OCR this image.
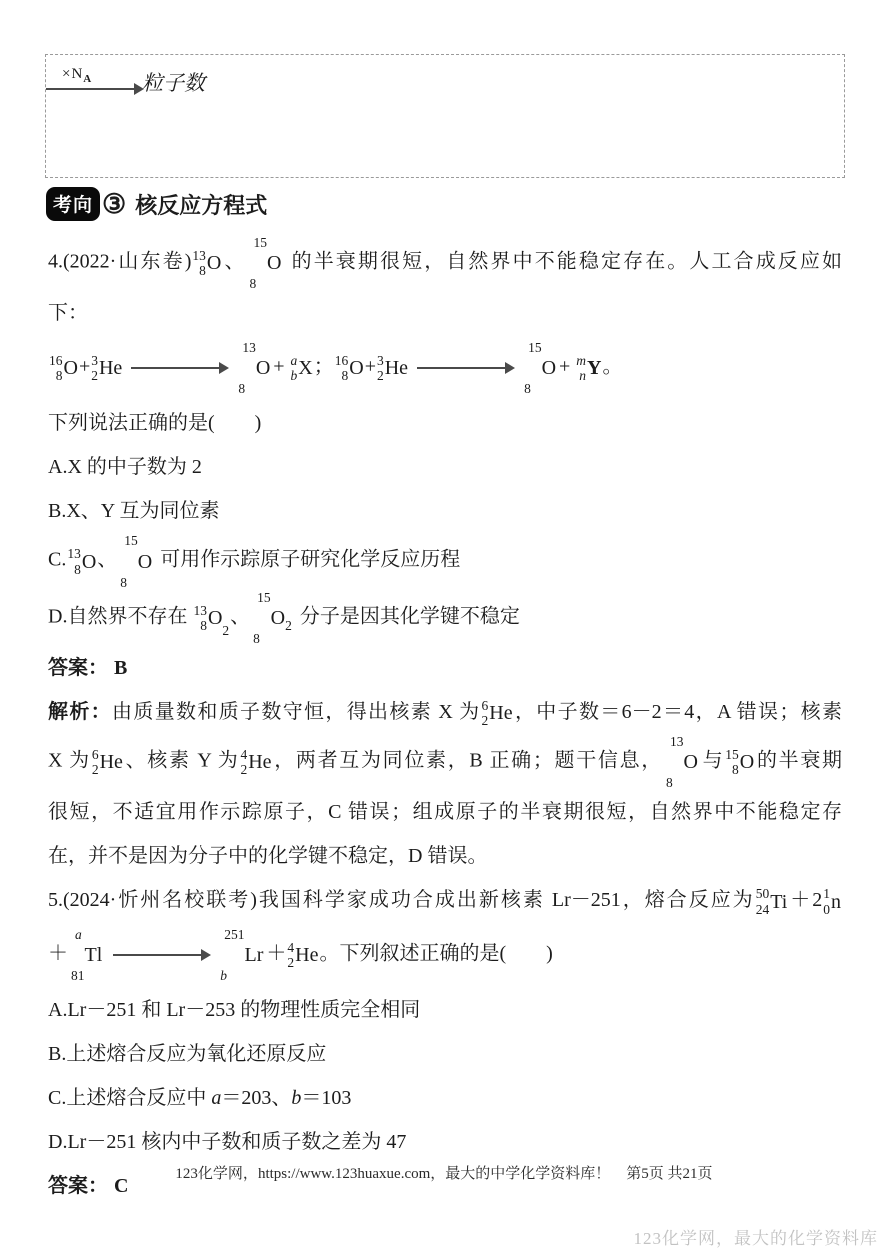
$\times N_A$	粒子数
考向 ③ 核反应方程式
4.(2022·山东卷) 13
8 O 、
15
O
8
的半衰期很短，自然界中不能稳定存在。人工合成反应如
下：
16
8 O + 3
2 He
13
O
8
+ a
b X ； 16
8 O + 3
2 He
15
O
8
+ m
n Y 。
下列说法正确的是(　　)
A.X 的中子数为 2
B.X、Y 互为同位素
C. 13
8 O 、
15
O
8
可用作示踪原子研究化学反应历程
D.自然界不存在 13
8 O
2
、
15
O
8
2 分子是因其化学键不稳定
答案： B
解析：由质量数和质子数守恒，得出核素 X 为 6
2 He ，中子数＝6－2＝4，A 错误；核素
X 为 6
2 He 、核素 Y 为 4
2 He ，两者互为同位素，B 正确；题干信息，
13
O
8
与 15
8 O 的半衰期
很短，不适宜用作示踪原子，C 错误；组成原子的半衰期很短，自然界中不能稳定存
在，并不是因为分子中的化学键不稳定，D 错误。
5.(2024·忻州名校联考)我国科学家成功合成出新核素 Lr－251，熔合反应为 50
24 Ti ＋2 1
0 n
＋
a
Tl
81
251
Lr
b
＋ 4
2 He 。下列叙述正确的是(　　)
A.Lr－251 和 Lr－253 的物理性质完全相同
B.上述熔合反应为氧化还原反应
C.上述熔合反应中 a＝203、b＝103
D.Lr－251 核内中子数和质子数之差为 47
答案： C
123化学网，https://www.123huaxue.com，最大的中学化学资料库！ 第5页 共21页
123化学网，最大的化学资料库
